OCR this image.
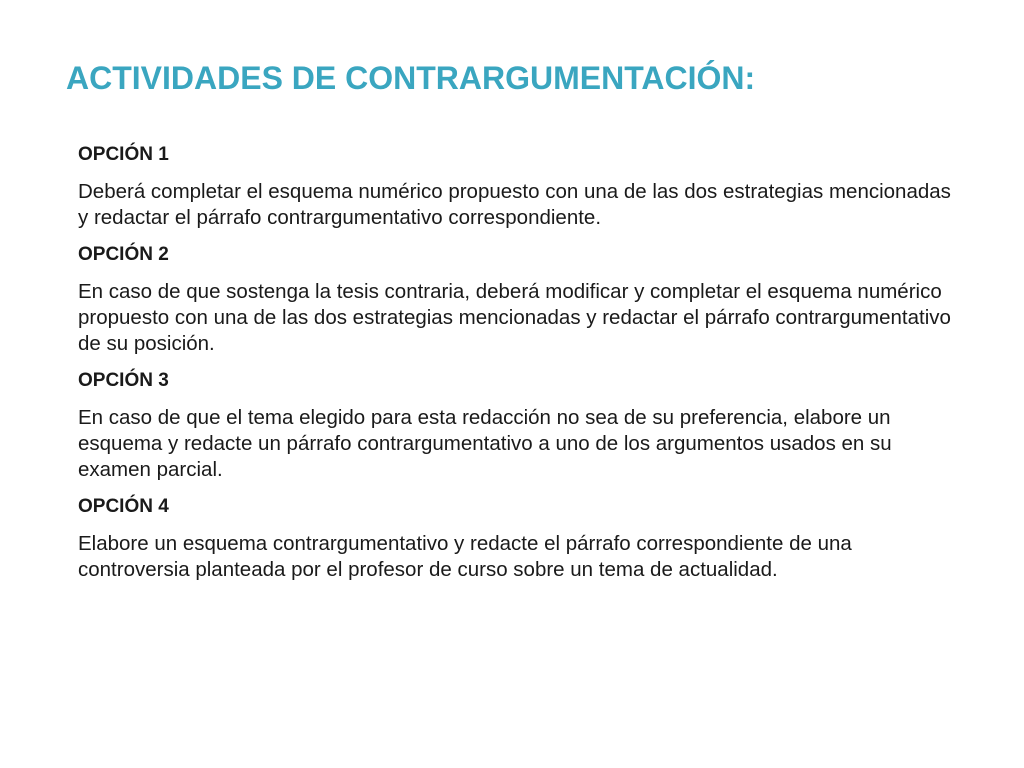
ACTIVIDADES DE CONTRARGUMENTACIÓN:

OPCIÓN 1

Deberá completar el esquema numérico propuesto con una de las dos estrategias mencionadas y redactar el párrafo contrargumentativo correspondiente.

OPCIÓN 2

En caso de que sostenga la tesis contraria, deberá modificar y completar el esquema numérico propuesto con una de las dos estrategias mencionadas y redactar el párrafo contrargumentativo de su posición.

OPCIÓN 3

En caso de que el tema elegido para esta redacción no sea de su preferencia, elabore un esquema y redacte un párrafo contrargumentativo a uno de los argumentos usados en su examen parcial.

OPCIÓN 4

Elabore un esquema contrargumentativo y redacte el párrafo correspondiente de una controversia planteada por el profesor de curso sobre un tema de actualidad.
